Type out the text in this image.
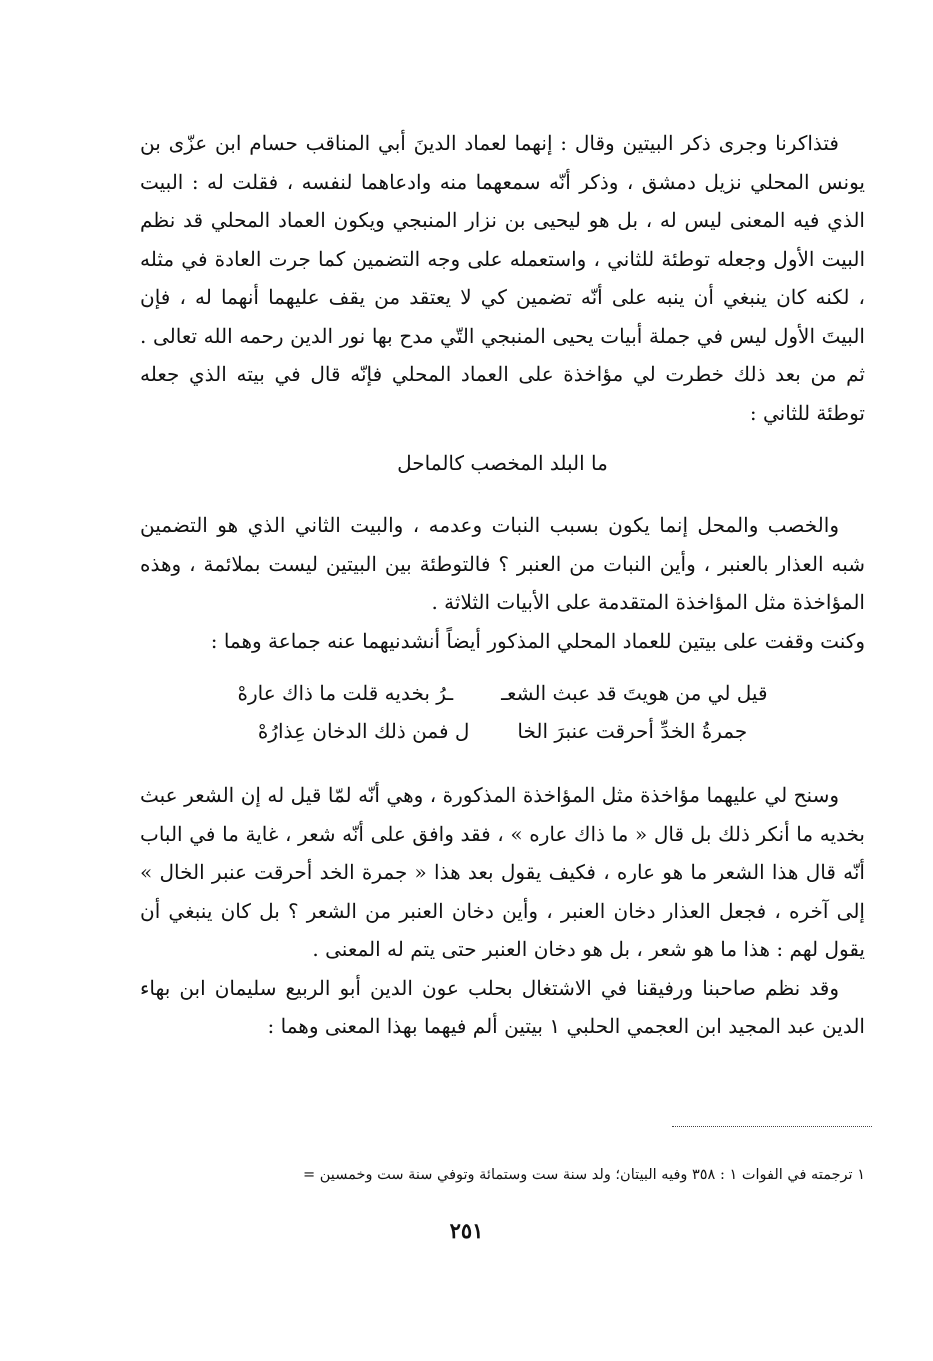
فتذاكرنا وجرى ذكر البيتين وقال : إنهما لعماد الدينَ أبي المناقب حسام ابن عزّى بن يونس المحلي نزيل دمشق ، وذكر أنّه سمعهما منه وادعاهما لنفسه ، فقلت له : البيت الذي فيه المعنى ليس له ، بل هو ليحيى بن نزار المنبجي ويكون العماد المحلي قد نظم البيت الأول وجعله توطئة للثاني ، واستعمله على وجه التضمين كما جرت العادة في مثله ، لكنه كان ينبغي أن ينبه على أنّه تضمين كي لا يعتقد من يقف عليهما أنهما له ، فإن البيتَ الأول ليس في جملة أبيات يحيى المنبجي التّي مدح بها نور الدين رحمه الله تعالى . ثم من بعد ذلك خطرت لي مؤاخذة على العماد المحلي فإنّه قال في بيته الذي جعله توطئة للثاني :

ما البلد المخصب كالماحل

والخصب والمحل إنما يكون بسبب النبات وعدمه ، والبيت الثاني الذي هو التضمين شبه العذار بالعنبر ، وأين النبات من العنبر ؟ فالتوطئة بين البيتين ليست بملائمة ، وهذه المؤاخذة مثل المؤاخذة المتقدمة على الأبيات الثلاثة .

وكنت وقفت على بيتين للعماد المحلي المذكور أيضاً أنشدنيهما عنه جماعة وهما :

قيل لي من هويتَ قد عبث الشعـ
ـرُ بخديه قلت ما ذاك عارهْ
جمرةُ الخدِّ أحرقت عنبرَ الخا
ل فمن ذلك الدخان عِذارُهْ

وسنح لي عليهما مؤاخذة مثل المؤاخذة المذكورة ، وهي أنّه لمّا قيل له إن الشعر عبث بخديه ما أنكر ذلك بل قال « ما ذاك عاره » ، فقد وافق على أنّه شعر ، غاية ما في الباب أنّه قال هذا الشعر ما هو عاره ، فكيف يقول بعد هذا « جمرة الخد أحرقت عنبر الخال » إلى آخره ، فجعل العذار دخان العنبر ، وأين دخان العنبر من الشعر ؟ بل كان ينبغي أن يقول لهم : هذا ما هو شعر ، بل هو دخان العنبر حتى يتم له المعنى .

وقد نظم صاحبنا ورفيقنا في الاشتغال بحلب عون الدين أبو الربيع سليمان ابن بهاء الدين عبد المجيد ابن العجمي الحلبي ١ بيتين ألم فيهما بهذا المعنى وهما :

١ ترجمته في الفوات ١ : ٣٥٨ وفيه البيتان؛ ولد سنة ست وستمائة وتوفي سنة ست وخمسين =
٢٥١
